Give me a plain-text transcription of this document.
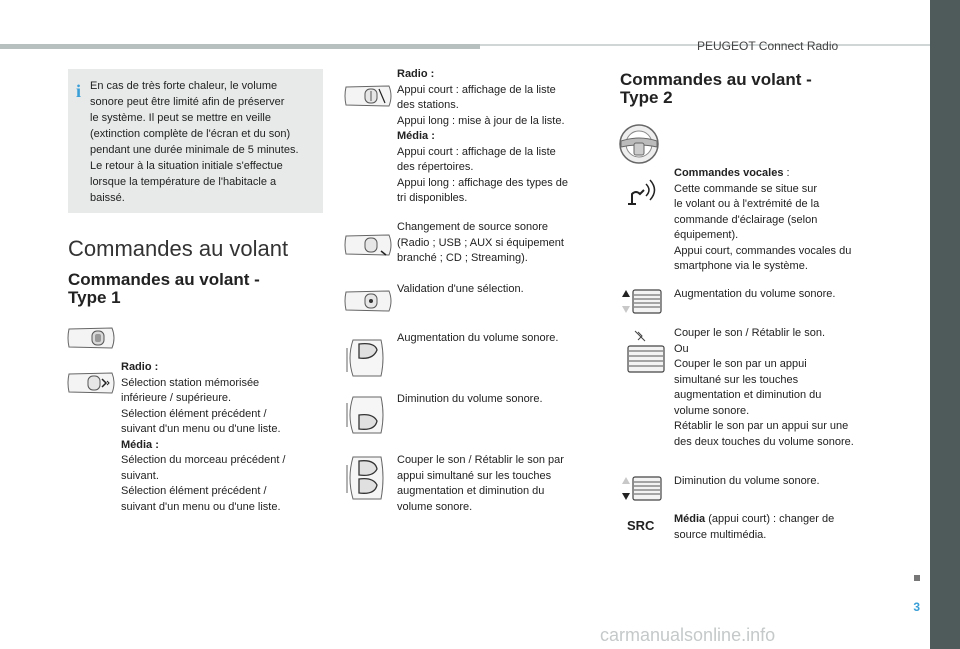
PEUGEOT Connect Radio
3
carmanualsonline.info
i En cas de très forte chaleur, le volume
sonore peut être limité afin de préserver
le système. Il peut se mettre en veille
(extinction complète de l'écran et du son)
pendant une durée minimale de 5 minutes.
Le retour à la situation initiale s'effectue
lorsque la température de l'habitacle a
baissé.
Commandes au volant
Commandes au volant -
Type 1
Radio :
Sélection station mémorisée
inférieure / supérieure.
Sélection élément précédent /
suivant d'un menu ou d'une liste.
Média :
Sélection du morceau précédent /
suivant.
Sélection élément précédent /
suivant d'un menu ou d'une liste.
Radio :
Appui court : affichage de la liste
des stations.
Appui long : mise à jour de la liste.
Média :
Appui court : affichage de la liste
des répertoires.
Appui long : affichage des types de
tri disponibles.
Changement de source sonore
(Radio ; USB ; AUX si équipement
branché ; CD ; Streaming).
Validation d'une sélection.
Augmentation du volume sonore.
Diminution du volume sonore.
Couper le son / Rétablir le son par
appui simultané sur les touches
augmentation et diminution du
volume sonore.
Commandes au volant -
Type 2
Commandes vocales :
Cette commande se situe sur
le volant ou à l'extrémité de la
commande d'éclairage (selon
équipement).
Appui court, commandes vocales du
smartphone via le système.
Augmentation du volume sonore.
Couper le son / Rétablir le son.
Ou
Couper le son par un appui
simultané sur les touches
augmentation et diminution du
volume sonore.
Rétablir le son par un appui sur une
des deux touches du volume sonore.
Diminution du volume sonore.
SRC Média (appui court) : changer de
source multimédia.
